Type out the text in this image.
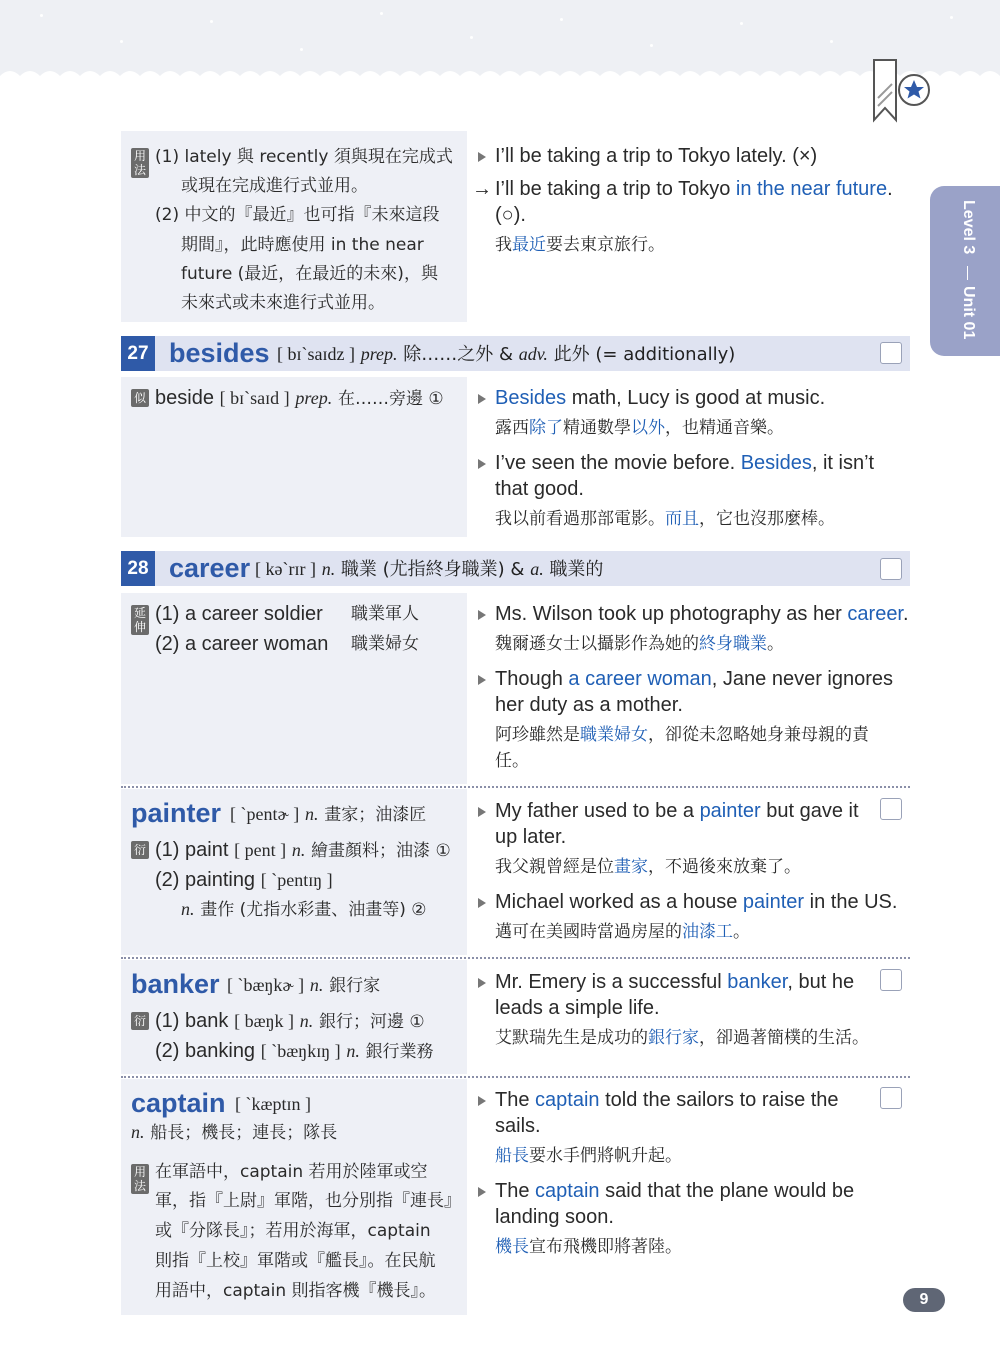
Level 3
Unit 01
用法
(1) lately 與 recently 須與現在完成式
或現在完成進行式並用。
(2) 中文的『最近』也可指『未來這段
期間』，此時應使用 in the near
future (最近，在最近的未來)，與
未來式或未來進行式並用。
I’ll be taking a trip to Tokyo lately. (×)
→ I’ll be taking a trip to Tokyo in the near future.
(○).
我最近要去東京旅行。
27 besides [ bɪˋsaɪdz ] prep. 除……之外 & adv. 此外 (= additionally)
似 beside [ bɪˋsaɪd ] prep. 在……旁邊 ①	Besides math, Lucy is good at music.
露西除了精通數學以外，也精通音樂。
I’ve seen the movie before. Besides, it isn’t
that good.
我以前看過那部電影。而且，它也沒那麼棒。
28 career [ kəˋrɪr ] n. 職業 (尤指終身職業) & a. 職業的
延伸
(1) a career soldier 職業軍人
(2) a career woman 職業婦女
Ms. Wilson took up photography as her career.
魏爾遜女士以攝影作為她的終身職業。
Though a career woman, Jane never ignores
her duty as a mother.
阿珍雖然是職業婦女，卻從未忽略她身兼母親的責
任。
painter [ ˋpentɚ ] n. 畫家；油漆匠
衍 (1) paint [ pent ] n. 繪畫顏料；油漆 ①
(2) painting [ ˋpentɪŋ ]
n. 畫作 (尤指水彩畫、油畫等) ②
My father used to be a painter but gave it
up later.
我父親曾經是位畫家，不過後來放棄了。
Michael worked as a house painter in the US.
邁可在美國時當過房屋的油漆工。
banker [ ˋbæŋkɚ ] n. 銀行家
衍 (1) bank [ bæŋk ] n. 銀行；河邊 ①
(2) banking [ ˋbæŋkɪŋ ] n. 銀行業務
Mr. Emery is a successful banker, but he
leads a simple life.
艾默瑞先生是成功的銀行家，卻過著簡樸的生活。
captain [ ˋkæptɪn ]
n. 船長；機長；連長；隊長
用法
在軍語中，captain 若用於陸軍或空
軍，指『上尉』軍階，也分別指『連長』
或『分隊長』；若用於海軍，captain
則指『上校』軍階或『艦長』。在民航
用語中，captain 則指客機『機長』。
The captain told the sailors to raise the
sails.
船長要水手們將帆升起。
The captain said that the plane would be
landing soon.
機長宣布飛機即將著陸。
9
